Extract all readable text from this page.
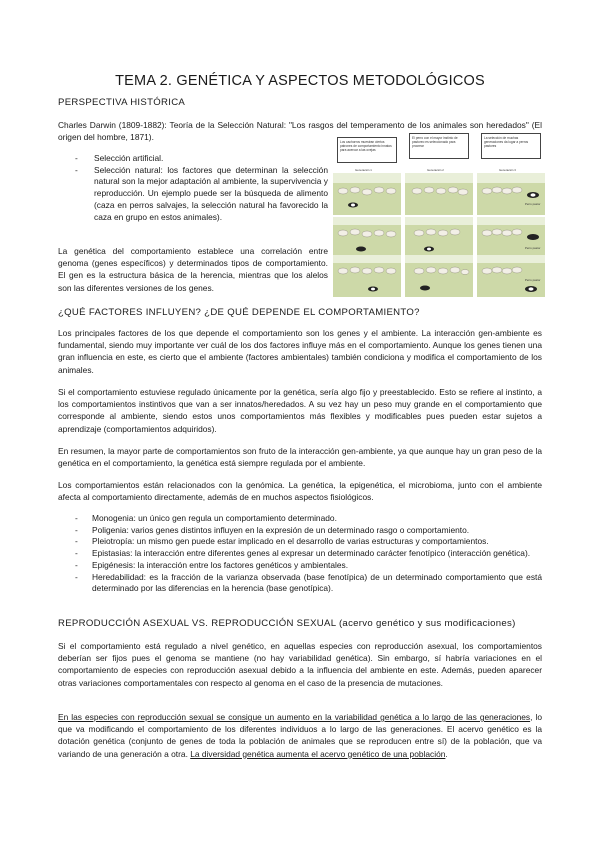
TEMA 2. GENÉTICA Y ASPECTOS METODOLÓGICOS
PERSPECTIVA HISTÓRICA

Charles Darwin (1809-1882): Teoría de la Selección Natural: "Los rasgos del temperamento de los animales son heredados" (El origen del hombre, 1871).

- Selección artificial.
- Selección natural: los factores que determinan la selección natural son la mejor adaptación al ambiente, la supervivencia y reproducción. Un ejemplo puede ser la búsqueda de alimento (caza en perros salvajes, la selección natural ha favorecido la caza en grupo en estos animales).

La genética del comportamiento establece una correlación entre genoma (genes específicos) y determinados tipos de comportamiento. El gen es la estructura básica de la herencia, mientras que los alelos son las diferentes versiones de los genes.

Los cachorros muestran ciertos patrones de comportamiento innatos para acercar a las ovejas
El perro con el mayor instinto de pastoreo es seleccionado para procrear
La selección de muchas generaciones da lugar a perros pastores
Generación 1	Generación 2	Generación 3
Perro pastor
Perro pastor
Perro pastor
¿QUÉ FACTORES INFLUYEN? ¿DE QUÉ DEPENDE EL COMPORTAMIENTO?

Los principales factores de los que depende el comportamiento son los genes y el ambiente. La interacción gen-ambiente es fundamental, siendo muy importante ver cuál de los dos factores influye más en el comportamiento. Aunque los genes tienen una gran influencia en este, es cierto que el ambiente (factores ambientales) también condiciona y modifica el comportamiento de los animales.

Si el comportamiento estuviese regulado únicamente por la genética, sería algo fijo y preestablecido. Esto se refiere al instinto, a los comportamientos instintivos que van a ser innatos/heredados. A su vez hay un peso muy grande en el comportamiento que corresponde al ambiente, siendo estos unos comportamientos más flexibles y modificables pues pueden estar sujetos a aprendizaje (comportamientos adquiridos).

En resumen, la mayor parte de comportamientos son fruto de la interacción gen-ambiente, ya que aunque hay un gran peso de la genética en el comportamiento, la genética está siempre regulada por el ambiente.

Los comportamientos están relacionados con la genómica. La genética, la epigenética, el microbioma, junto con el ambiente afecta al comportamiento directamente, además de en muchos aspectos fisiológicos.

- Monogenia: un único gen regula un comportamiento determinado.
- Poligenia: varios genes distintos influyen en la expresión de un determinado rasgo o comportamiento.
- Pleiotropía: un mismo gen puede estar implicado en el desarrollo de varias estructuras y comportamientos.
- Epistasias: la interacción entre diferentes genes al expresar un determinado carácter fenotípico (interacción genética).
- Epigénesis: la interacción entre los factores genéticos y ambientales.
- Heredabilidad: es la fracción de la varianza observada (base fenotípica) de un determinado comportamiento que está determinado por las diferencias en la herencia (base genotípica).
REPRODUCCIÓN ASEXUAL VS. REPRODUCCIÓN SEXUAL (acervo genético y sus modificaciones)

Si el comportamiento está regulado a nivel genético, en aquellas especies con reproducción asexual, los comportamientos deberían ser fijos pues el genoma se mantiene (no hay variabilidad genética). Sin embargo, sí habría variaciones en el comportamiento de especies con reproducción asexual debido a la influencia del ambiente en este. Además, pueden aparecer otras variaciones comportamentales con respecto al genoma en el caso de la presencia de mutaciones.

En las especies con reproducción sexual se consigue un aumento en la variabilidad genética a lo largo de las generaciones, lo que va modificando el comportamiento de los diferentes individuos a lo largo de las generaciones. El acervo genético es la dotación genética (conjunto de genes de toda la población de animales que se reproducen entre sí) de la población, que va variando de una generación a otra. La diversidad genética aumenta el acervo genético de una población.
